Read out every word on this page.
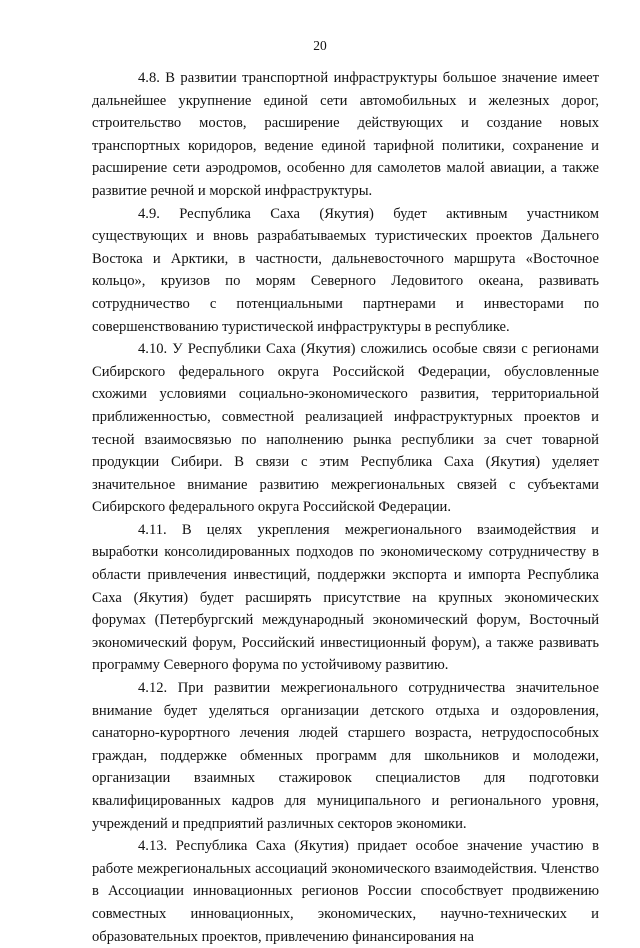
20

4.8. В развитии транспортной инфраструктуры большое значение имеет дальнейшее укрупнение единой сети автомобильных и железных дорог, строительство мостов, расширение действующих и создание новых транспортных коридоров, ведение единой тарифной политики, сохранение и расширение сети аэродромов, особенно для самолетов малой авиации, а также развитие речной и морской инфраструктуры.

4.9. Республика Саха (Якутия) будет активным участником существующих и вновь разрабатываемых туристических проектов Дальнего Востока и Арктики, в частности, дальневосточного маршрута «Восточное кольцо», круизов по морям Северного Ледовитого океана, развивать сотрудничество с потенциальными партнерами и инвесторами по совершенствованию туристической инфраструктуры в республике.

4.10. У Республики Саха (Якутия) сложились особые связи с регионами Сибирского федерального округа Российской Федерации, обусловленные схожими условиями социально-экономического развития, территориальной приближенностью, совместной реализацией инфраструктурных проектов и тесной взаимосвязью по наполнению рынка республики за счет товарной продукции Сибири. В связи с этим Республика Саха (Якутия) уделяет значительное внимание развитию межрегиональных связей с субъектами Сибирского федерального округа Российской Федерации.

4.11. В целях укрепления межрегионального взаимодействия и выработки консолидированных подходов по экономическому сотрудничеству в области привлечения инвестиций, поддержки экспорта и импорта Республика Саха (Якутия) будет расширять присутствие на крупных экономических форумах (Петербургский международный экономический форум, Восточный экономический форум, Российский инвестиционный форум), а также развивать программу Северного форума по устойчивому развитию.

4.12. При развитии межрегионального сотрудничества значительное внимание будет уделяться организации детского отдыха и оздоровления, санаторно-курортного лечения людей старшего возраста, нетрудоспособных граждан, поддержке обменных программ для школьников и молодежи, организации взаимных стажировок специалистов для подготовки квалифицированных кадров для муниципального и регионального уровня, учреждений и предприятий различных секторов экономики.

4.13. Республика Саха (Якутия) придает особое значение участию в работе межрегиональных ассоциаций экономического взаимодействия. Членство в Ассоциации инновационных регионов России способствует продвижению совместных инновационных, экономических, научно-технических и образовательных проектов, привлечению финансирования на
